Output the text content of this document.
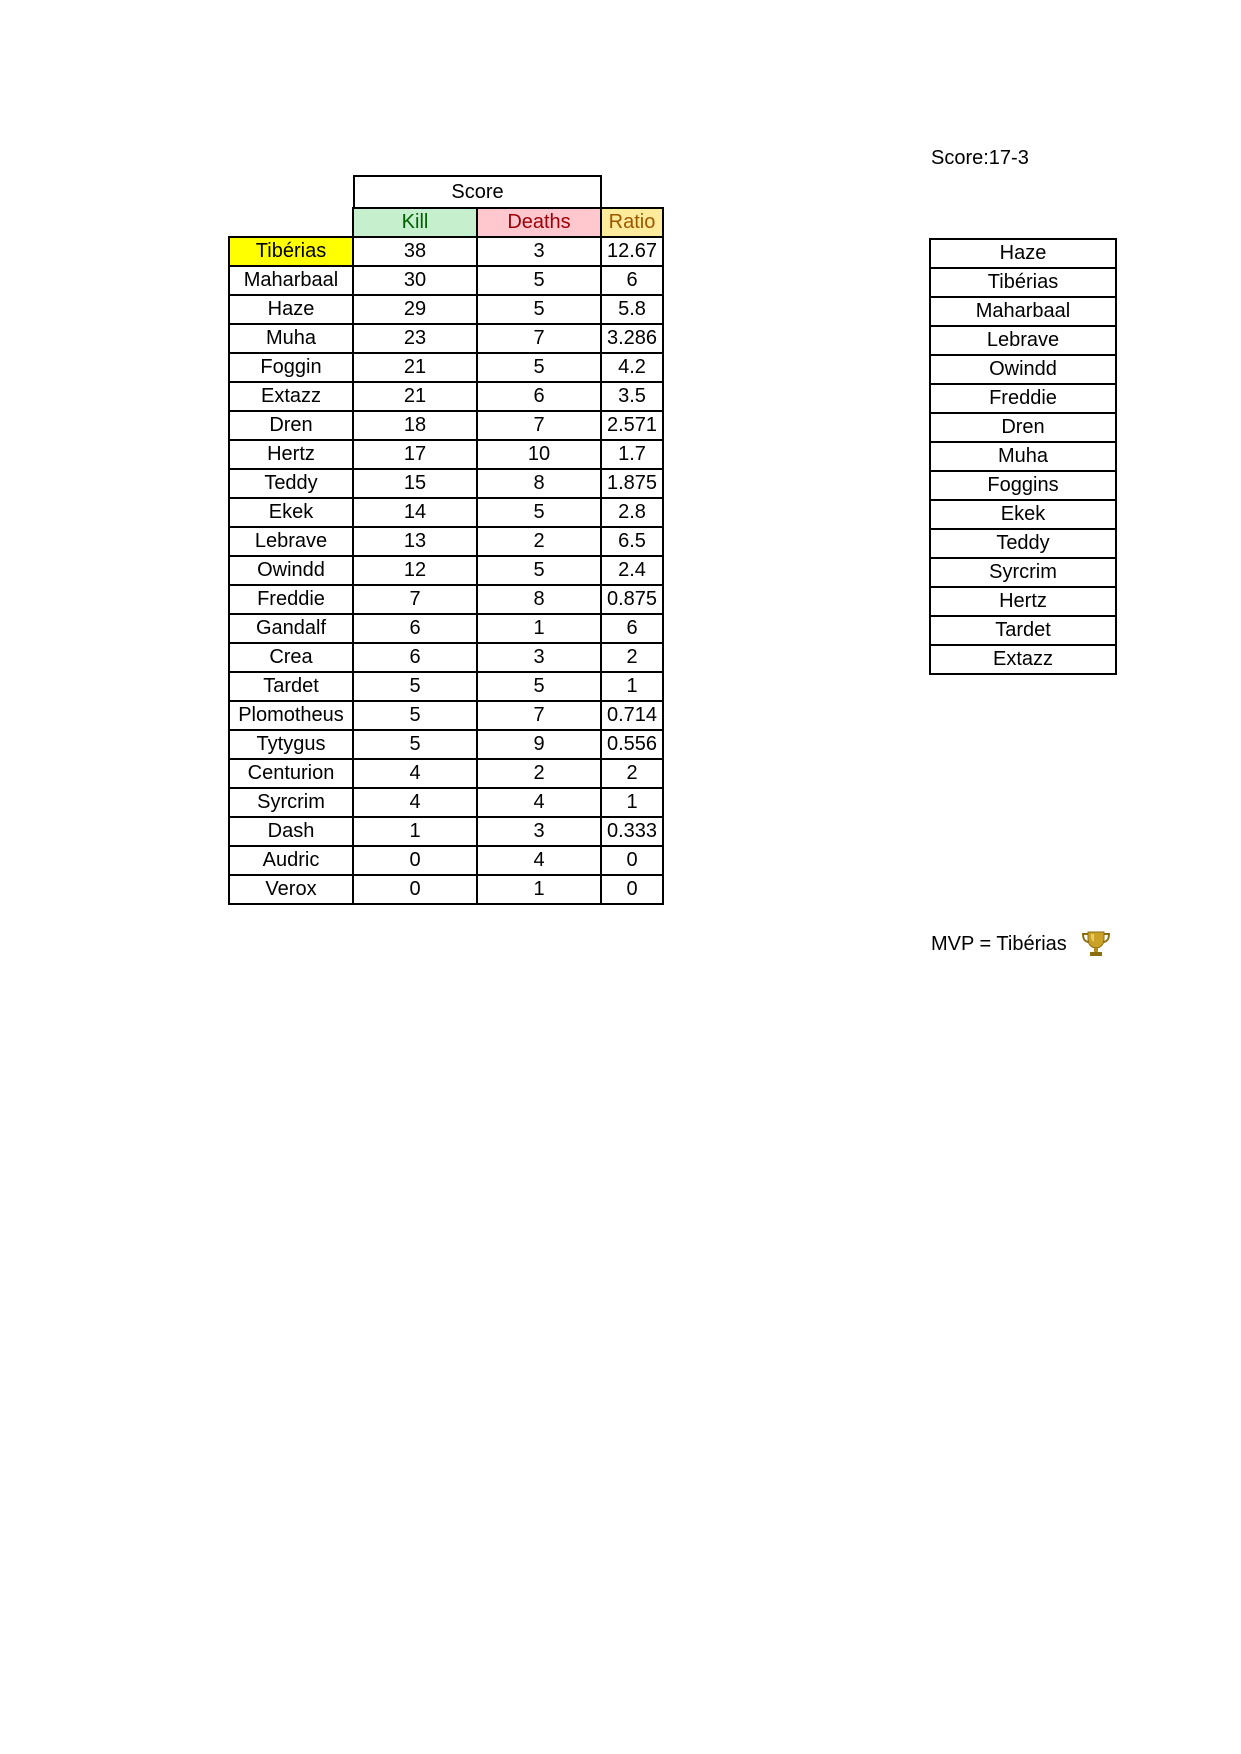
Score:17-3
Score
	Kill	Deaths	Ratio
Tibérias	38	3	12.67
Maharbaal	30	5	6
Haze	29	5	5.8
Muha	23	7	3.286
Foggin	21	5	4.2
Extazz	21	6	3.5
Dren	18	7	2.571
Hertz	17	10	1.7
Teddy	15	8	1.875
Ekek	14	5	2.8
Lebrave	13	2	6.5
Owindd	12	5	2.4
Freddie	7	8	0.875
Gandalf	6	1	6
Crea	6	3	2
Tardet	5	5	1
Plomotheus	5	7	0.714
Tytygus	5	9	0.556
Centurion	4	2	2
Syrcrim	4	4	1
Dash	1	3	0.333
Audric	0	4	0
Verox	0	1	0
Haze
Tibérias
Maharbaal
Lebrave
Owindd
Freddie
Dren
Muha
Foggins
Ekek
Teddy
Syrcrim
Hertz
Tardet
Extazz
MVP = Tibérias
